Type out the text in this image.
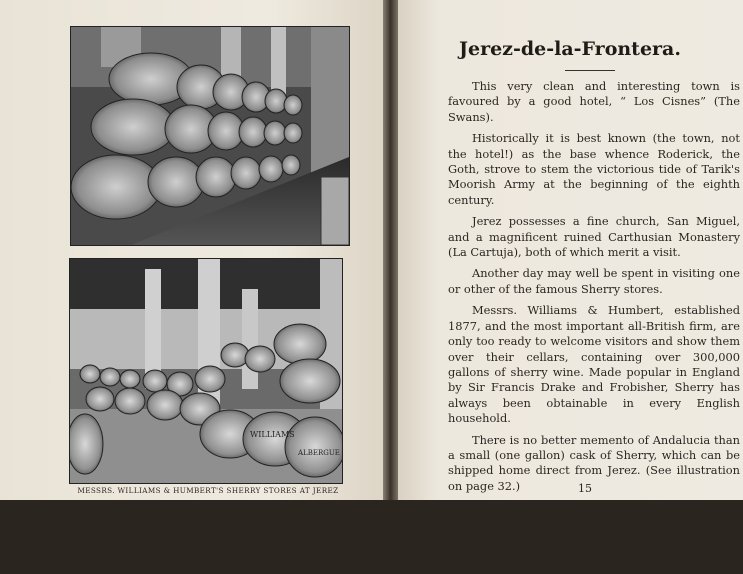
WILLIAMS
ALBERGUE
MESSRS. WILLIAMS & HUMBERT'S SHERRY STORES AT JEREZ
Jerez-de-la-Frontera.

This very clean and interesting town is favoured by a good hotel, “ Los Cisnes” (The Swans).

Historically it is best known (the town, not the hotel!) as the base whence Roderick, the Goth, strove to stem the victorious tide of Tarik's Moorish Army at the beginning of the eighth century.

Jerez possesses a fine church, San Miguel, and a magnificent ruined Carthusian Monastery (La Cartuja), both of which merit a visit.

Another day may well be spent in visiting one or other of the famous Sherry stores.

Messrs. Williams & Humbert, established 1877, and the most important all-British firm, are only too ready to welcome visitors and show them over their cellars, containing over 300,000 gallons of sherry wine. Made popular in England by Sir Francis Drake and Frobisher, Sherry has always been obtainable in every English household.

There is no better memento of Andalucia than a small (one gallon) cask of Sherry, which can be shipped home direct from Jerez. (See illustration on page 32.)

The old town of Arcos is within an hour's motor run and is well worth a visit.

Jerez can be reached by motor or rail from either Algeciras, Ronda or Sevilla in a few hours.

15
